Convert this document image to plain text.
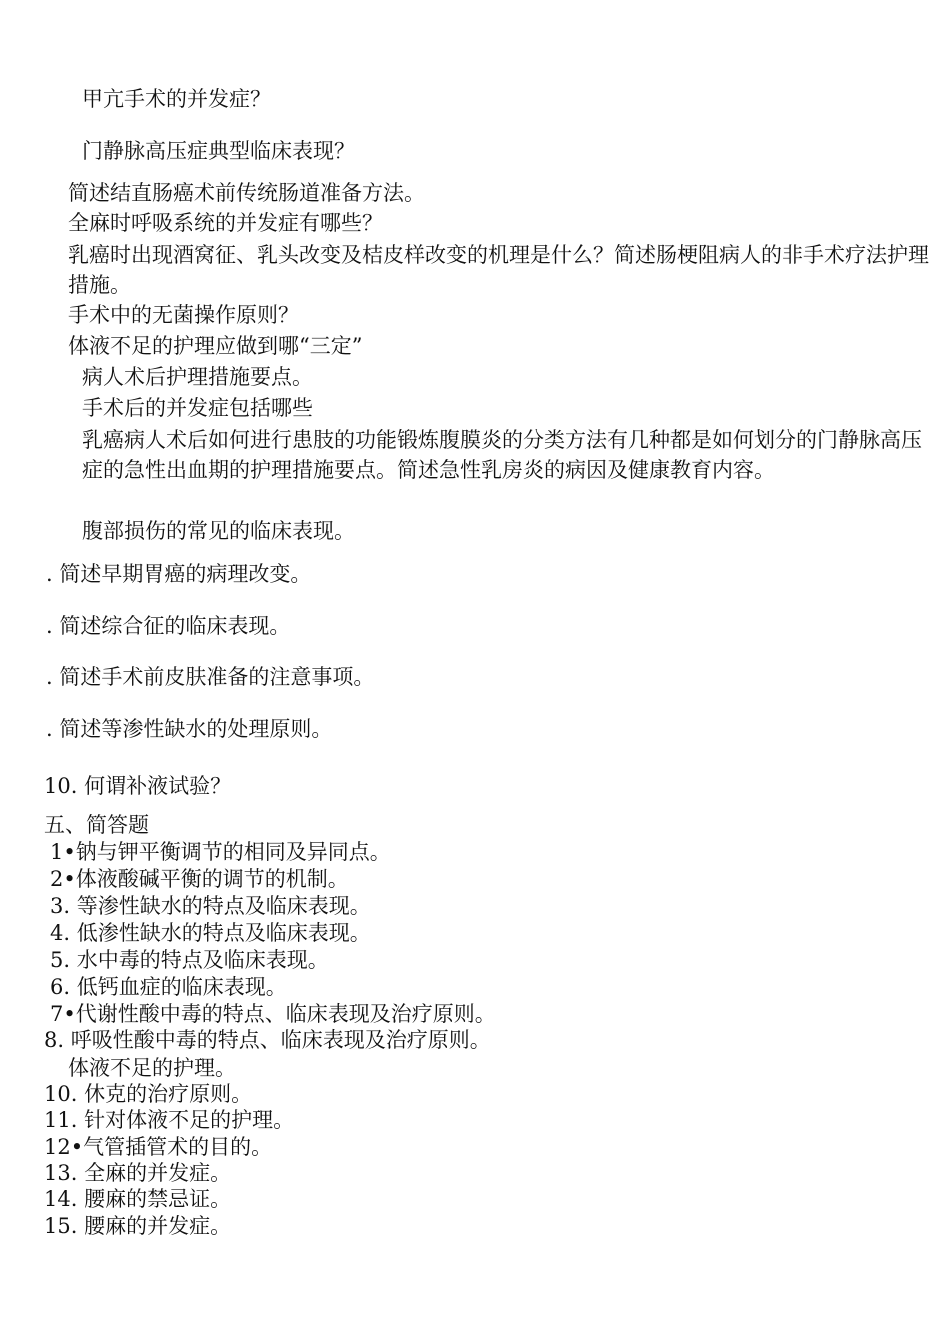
甲亢手术的并发症？
门静脉高压症典型临床表现？
简述结直肠癌术前传统肠道准备方法。
全麻时呼吸系统的并发症有哪些？
乳癌时出现酒窝征、乳头改变及桔皮样改变的机理是什么？简述肠梗阻病人的非手术疗法护理措施。
手术中的无菌操作原则？
体液不足的护理应做到哪“三定”
病人术后护理措施要点。
手术后的并发症包括哪些
乳癌病人术后如何进行患肢的功能锻炼腹膜炎的分类方法有几种都是如何划分的门静脉高压症的急性出血期的护理措施要点。简述急性乳房炎的病因及健康教育内容。
腹部损伤的常见的临床表现。
. 简述早期胃癌的病理改变。
. 简述综合征的临床表现。
. 简述手术前皮肤准备的注意事项。
. 简述等渗性缺水的处理原则。
10. 何谓补液试验？
五、简答题
1•钠与钾平衡调节的相同及异同点。
2•体液酸碱平衡的调节的机制。
3. 等渗性缺水的特点及临床表现。
4. 低渗性缺水的特点及临床表现。
5. 水中毒的特点及临床表现。
6. 低钙血症的临床表现。
7•代谢性酸中毒的特点、临床表现及治疗原则。
8. 呼吸性酸中毒的特点、临床表现及治疗原则。
体液不足的护理。
10. 休克的治疗原则。
11. 针对体液不足的护理。
12•气管插管术的目的。
13. 全麻的并发症。
14. 腰麻的禁忌证。
15. 腰麻的并发症。
